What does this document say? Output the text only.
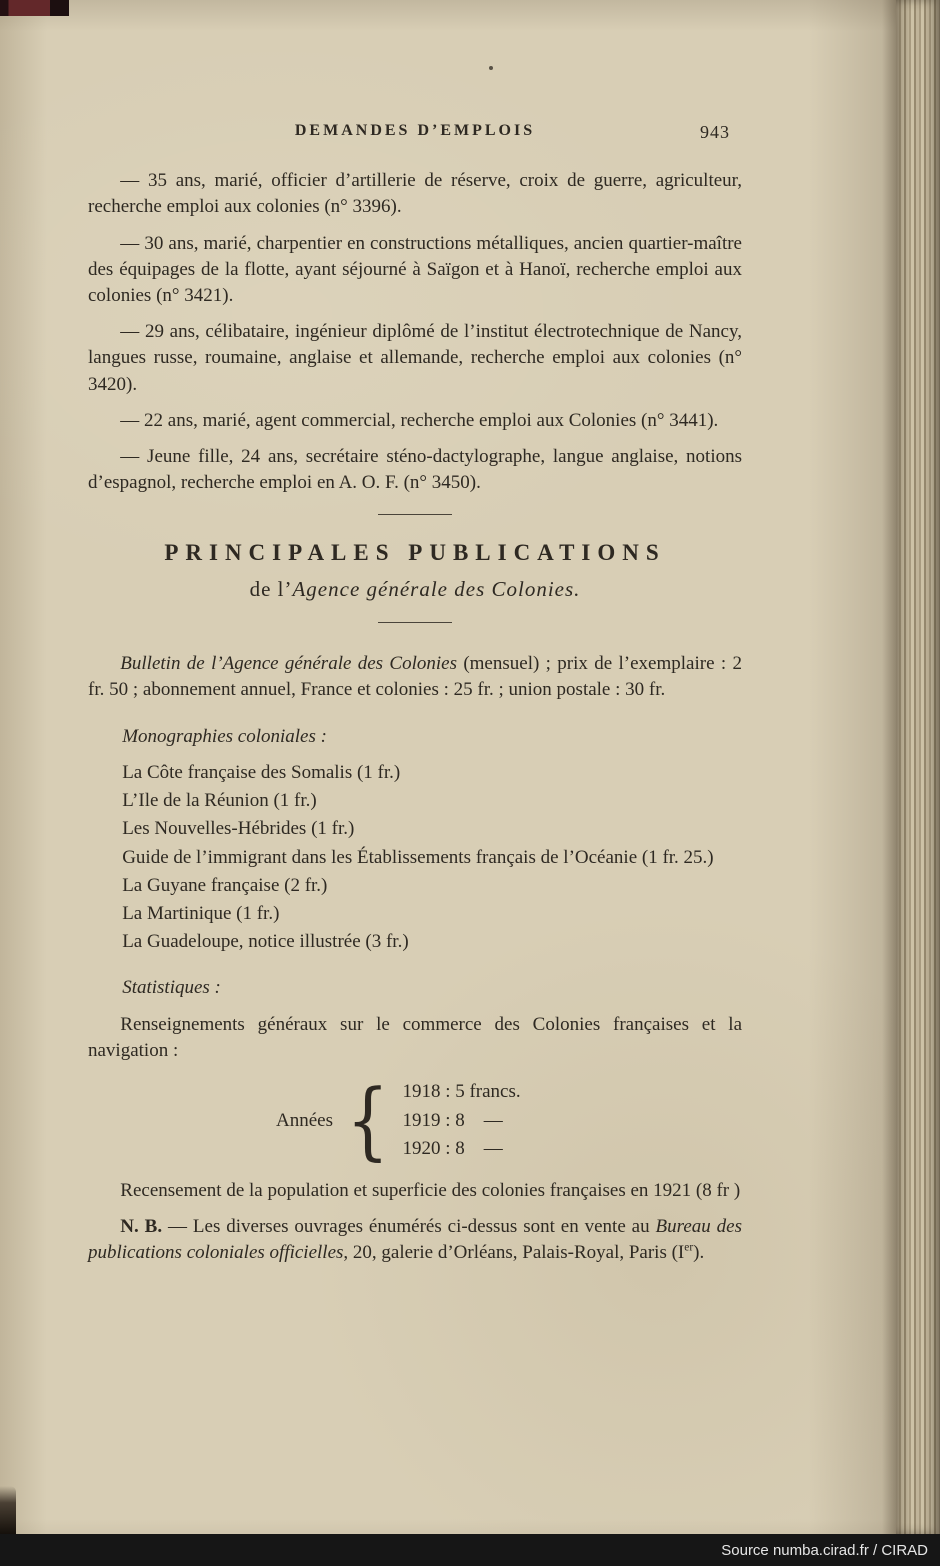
DEMANDES D’EMPLOIS	943

— 35 ans, marié, officier d’artillerie de réserve, croix de guerre, agriculteur, recherche emploi aux colonies (n° 3396).

— 30 ans, marié, charpentier en constructions métalliques, ancien quartier-maître des équipages de la flotte, ayant séjourné à Saïgon et à Hanoï, recherche emploi aux colonies (n° 3421).

— 29 ans, célibataire, ingénieur diplômé de l’institut électrotechnique de Nancy, langues russe, roumaine, anglaise et allemande, recherche emploi aux colonies (n° 3420).

— 22 ans, marié, agent commercial, recherche emploi aux Colonies (n° 3441).

— Jeune fille, 24 ans, secrétaire sténo-dactylographe, langue anglaise, notions d’espagnol, recherche emploi en A. O. F. (n° 3450).

PRINCIPALES PUBLICATIONS

de l’Agence générale des Colonies.

Bulletin de l’Agence générale des Colonies (mensuel) ; prix de l’exemplaire : 2 fr. 50 ; abonnement annuel, France et colonies : 25 fr. ; union postale : 30 fr.

Monographies coloniales :

La Côte française des Somalis (1 fr.)

L’Ile de la Réunion (1 fr.)

Les Nouvelles-Hébrides (1 fr.)

Guide de l’immigrant dans les Établissements français de l’Océanie (1 fr. 25.)

La Guyane française (2 fr.)

La Martinique (1 fr.)

La Guadeloupe, notice illustrée (3 fr.)

Statistiques :

Renseignements généraux sur le commerce des Colonies françaises et la navigation :

Années { 1918 : 5 francs.
1919 : 8    —
1920 : 8    —

Recensement de la population et superficie des colonies françaises en 1921 (8 fr )

N. B. — Les diverses ouvrages énumérés ci-dessus sont en vente au Bureau des publications coloniales officielles, 20, galerie d’Orléans, Palais-Royal, Paris (Ier).

Source numba.cirad.fr / CIRAD
